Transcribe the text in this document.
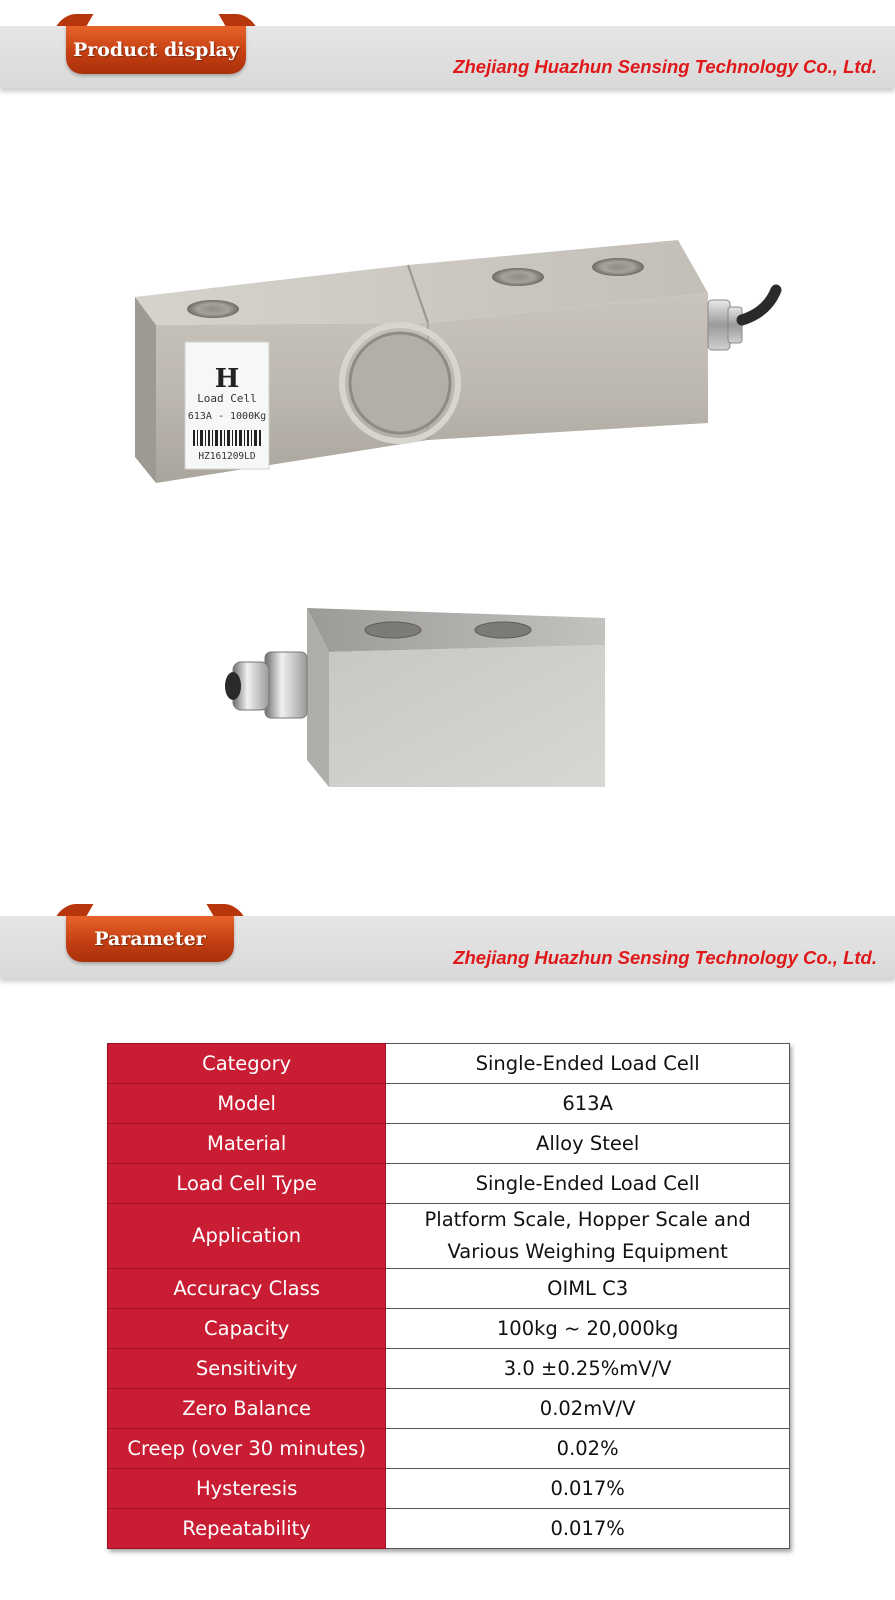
Product display
Zhejiang Huazhun Sensing Technology Co., Ltd.
H
Load Cell
613A - 1000Kg
HZ161209LD
Parameter
Zhejiang Huazhun Sensing Technology Co., Ltd.
Category	Single-Ended Load Cell
Model	613A
Material	Alloy Steel
Load Cell Type	Single-Ended Load Cell
Application	Platform Scale, Hopper Scale and
Various Weighing Equipment

Accuracy Class	OIML C3
Capacity	100kg ~ 20,000kg
Sensitivity	3.0 ±0.25%mV/V
Zero Balance	0.02mV/V
Creep (over 30 minutes)	0.02%
Hysteresis	0.017%
Repeatability	0.017%
